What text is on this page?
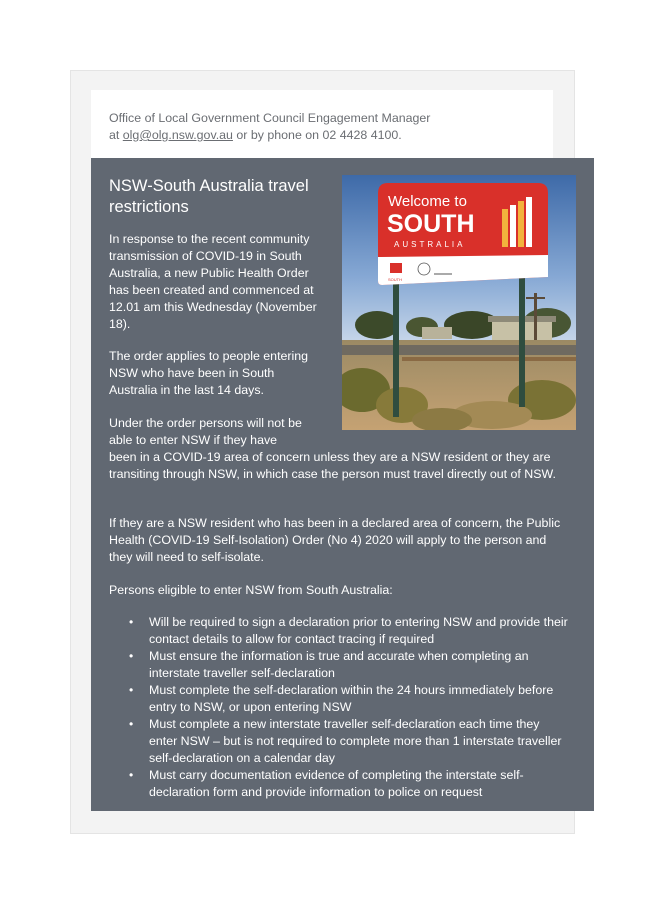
Office of Local Government Council Engagement Manager
at olg@olg.nsw.gov.au or by phone on 02 4428 4100.
NSW-South Australia travel restrictions

In response to the recent community transmission of COVID-19 in South Australia, a new Public Health Order has been created and commenced at 12.01 am this Wednesday (November 18).

The order applies to people entering NSW who have been in South Australia in the last 14 days.

Under the order persons will not be able to enter NSW if they have

been in a COVID-19 area of concern unless they are a NSW resident or they are transiting through NSW, in which case the person must travel directly out of NSW.

If they are a NSW resident who has been in a declared area of concern, the Public Health (COVID-19 Self-Isolation) Order (No 4) 2020 will apply to the person and they will need to self-isolate.

Persons eligible to enter NSW from South Australia:

• Will be required to sign a declaration prior to entering NSW and provide their contact details to allow for contact tracing if required
• Must ensure the information is true and accurate when completing an interstate traveller self-declaration
• Must complete the self-declaration within the 24 hours immediately before entry to NSW, or upon entering NSW
• Must complete a new interstate traveller self-declaration each time they enter NSW – but is not required to complete more than 1 interstate traveller self-declaration on a calendar day
• Must carry documentation evidence of completing the interstate self-declaration form and provide information to police on request
Welcome to
SOUTH
AUSTRALIA
SOUTH
